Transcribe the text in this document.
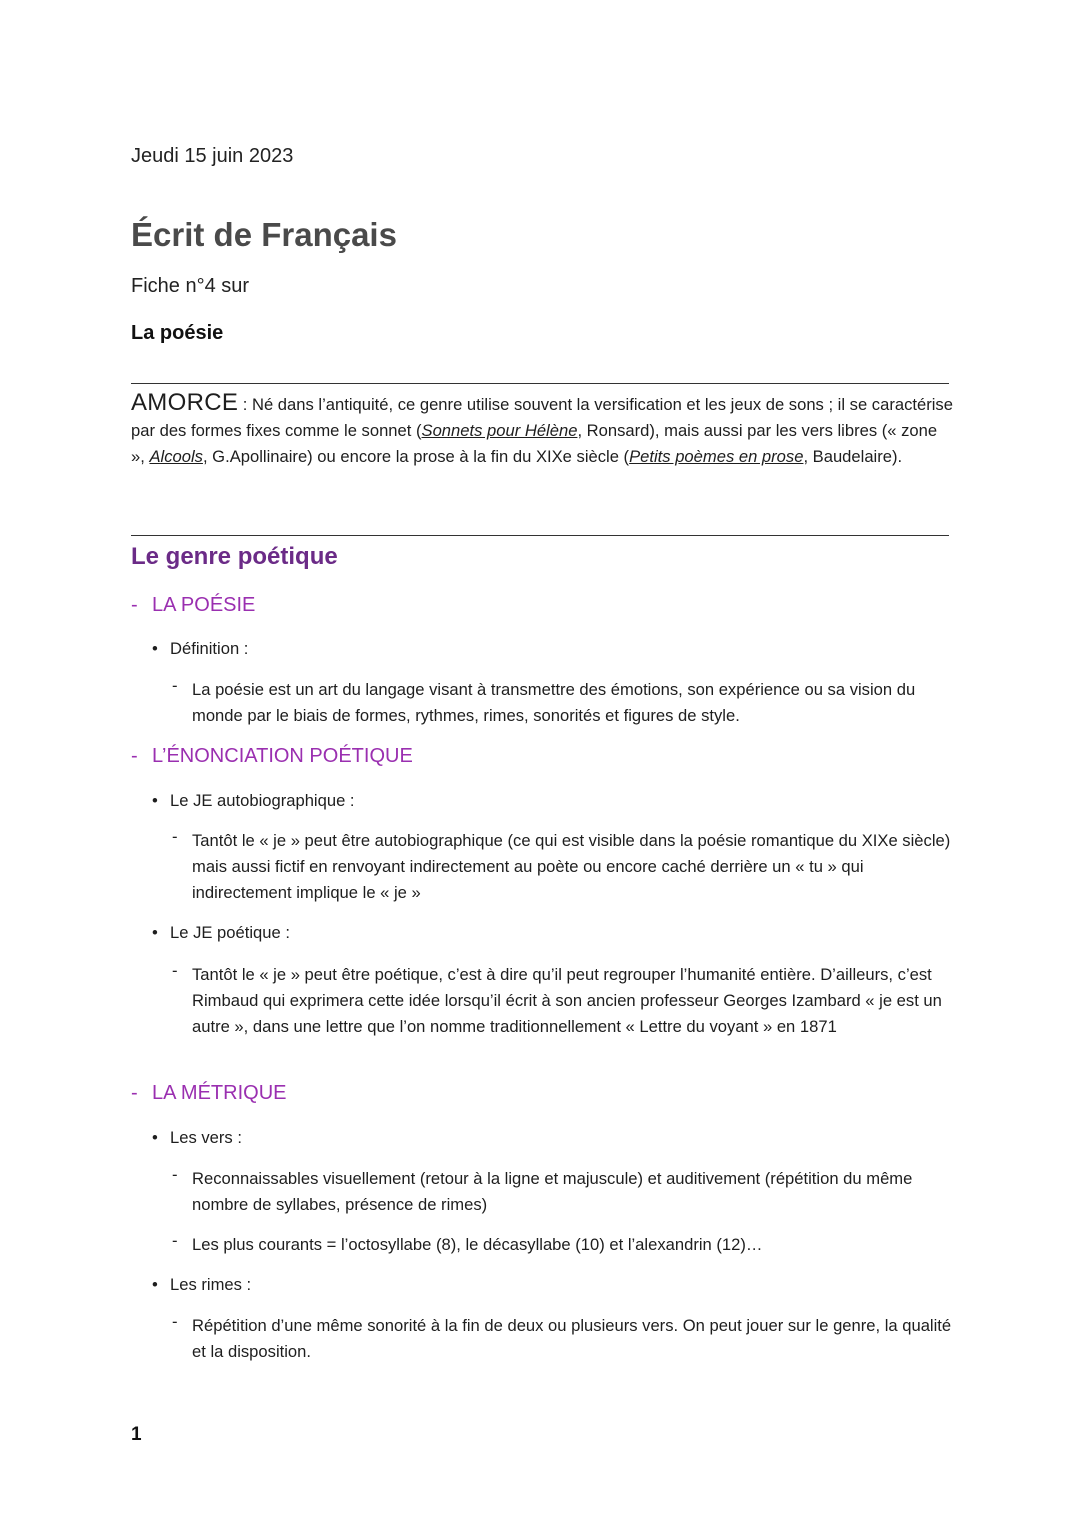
Jeudi 15 juin 2023
Écrit de Français
Fiche n°4 sur
La poésie
AMORCE : Né dans l’antiquité, ce genre utilise souvent la versification et les jeux de sons ; il se caractérise par des formes fixes comme le sonnet (Sonnets pour Hélène, Ronsard), mais aussi par les vers libres (« zone », Alcools, G.Apollinaire) ou encore la prose à la fin du XIXe siècle (Petits poèmes en prose, Baudelaire).
Le genre poétique
- LA POÉSIE
• Définition :
- La poésie est un art du langage visant à transmettre des émotions, son expérience ou sa vision du monde par le biais de formes, rythmes, rimes, sonorités et figures de style.
- L’ÉNONCIATION POÉTIQUE
• Le JE autobiographique :
- Tantôt le « je » peut être autobiographique (ce qui est visible dans la poésie romantique du XIXe siècle) mais aussi fictif en renvoyant indirectement au poète ou encore caché derrière un « tu » qui indirectement implique le « je »
• Le JE poétique :
- Tantôt le « je » peut être poétique, c’est à dire qu’il peut regrouper l’humanité entière. D’ailleurs, c’est Rimbaud qui exprimera cette idée lorsqu’il écrit à son ancien professeur Georges Izambard « je est un autre », dans une lettre que l’on nomme traditionnellement « Lettre du voyant » en 1871
- LA MÉTRIQUE
• Les vers :
- Reconnaissables visuellement (retour à la ligne et majuscule) et auditivement (répétition du même nombre de syllabes, présence de rimes)
- Les plus courants = l’octosyllabe (8), le décasyllabe (10) et l’alexandrin (12)…
• Les rimes :
- Répétition d’une même sonorité à la fin de deux ou plusieurs vers. On peut jouer sur le genre, la qualité et la disposition.
1
